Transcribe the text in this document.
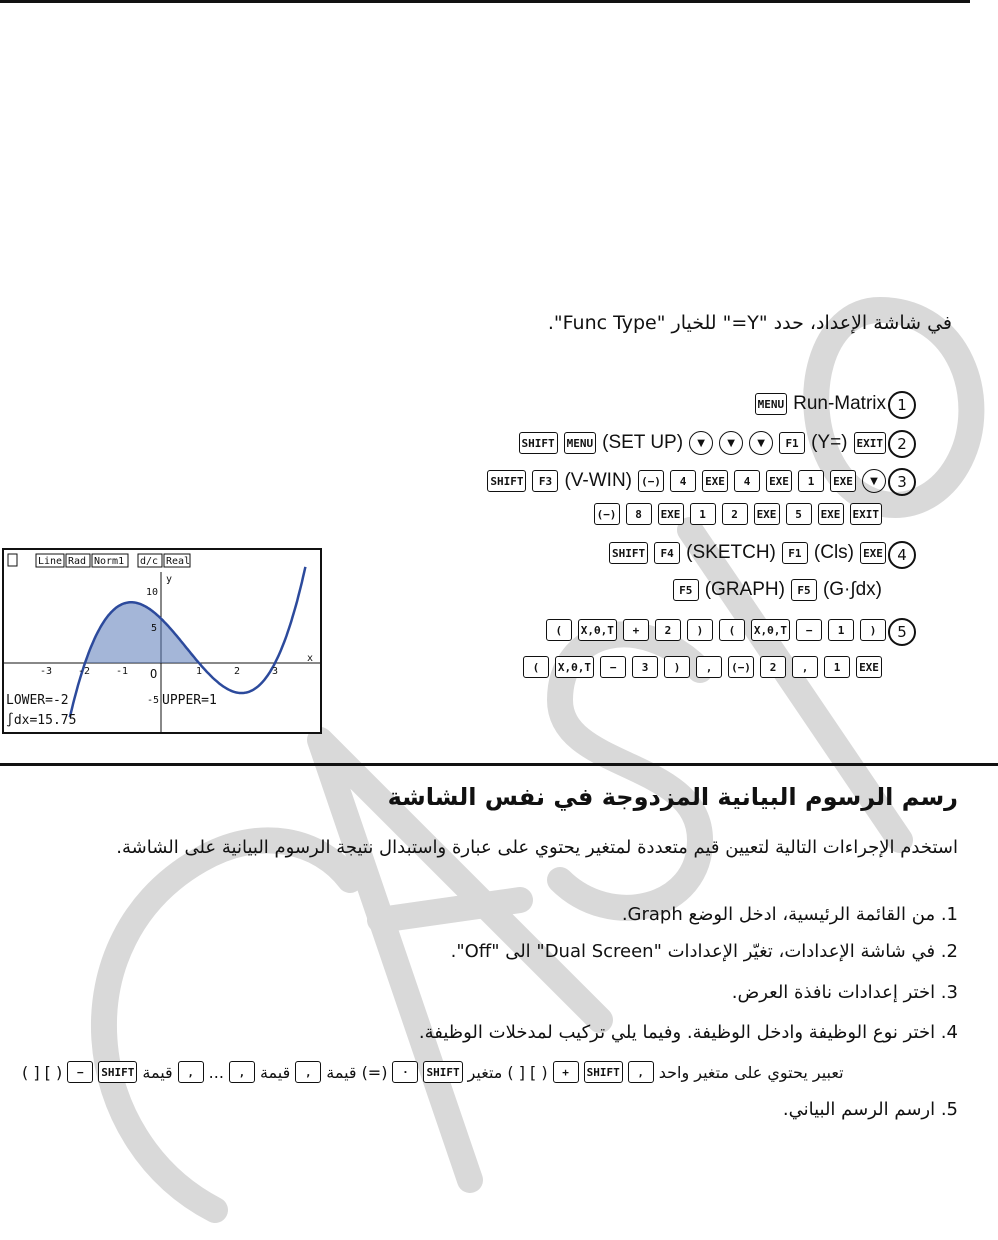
في شاشة الإعداد، حدد "Y=" للخيار "Func Type".
1
MENU Run-Matrix
2
SHIFT MENU (SET UP)	▼	▼	▼	F1 (Y=) EXIT
3
SHIFT	F3 (V-WIN) (−)	4	EXE	4	EXE	1	EXE	▼
(−)	8	EXE	1	2	EXE	5	EXE EXIT
4
SHIFT	F4 (SKETCH)	F1 (Cls) EXE
F5 (GRAPH)	F5 (G·∫dx)
5
(	X,θ,T	+	2	)	(	X,θ,T	−	1	)
(	X,θ,T	−	3	)	,	(−)	2	,	1	EXE
Line Rad Norm1 d/c Real
y
x
O
-3	-2	-1	1	2	3
10
5
-5
LOWER=-2	UPPER=1
∫dx=15.75
رسم الرسوم البيانية المزدوجة في نفس الشاشة
استخدم الإجراءات التالية لتعيين قيم متعددة لمتغير يحتوي على عبارة واستبدال نتيجة الرسوم البيانية على الشاشة.
1. من القائمة الرئيسية، ادخل الوضع Graph.
2. في شاشة الإعدادات، تغيّر الإعدادات "Dual Screen" الى "Off".
3. اختر إعدادات نافذة العرض.
4. اختر نوع الوظيفة وادخل الوظيفة. وفيما يلي تركيب لمدخلات الوظيفة.
( ] [ )	−	SHIFT قيمة	, ...	, قيمة	, قيمة (=)	·	SHIFT متغير ( ] [ )	+	SHIFT	, تعبير يحتوي على متغير واحد
5. ارسم الرسم البياني.
